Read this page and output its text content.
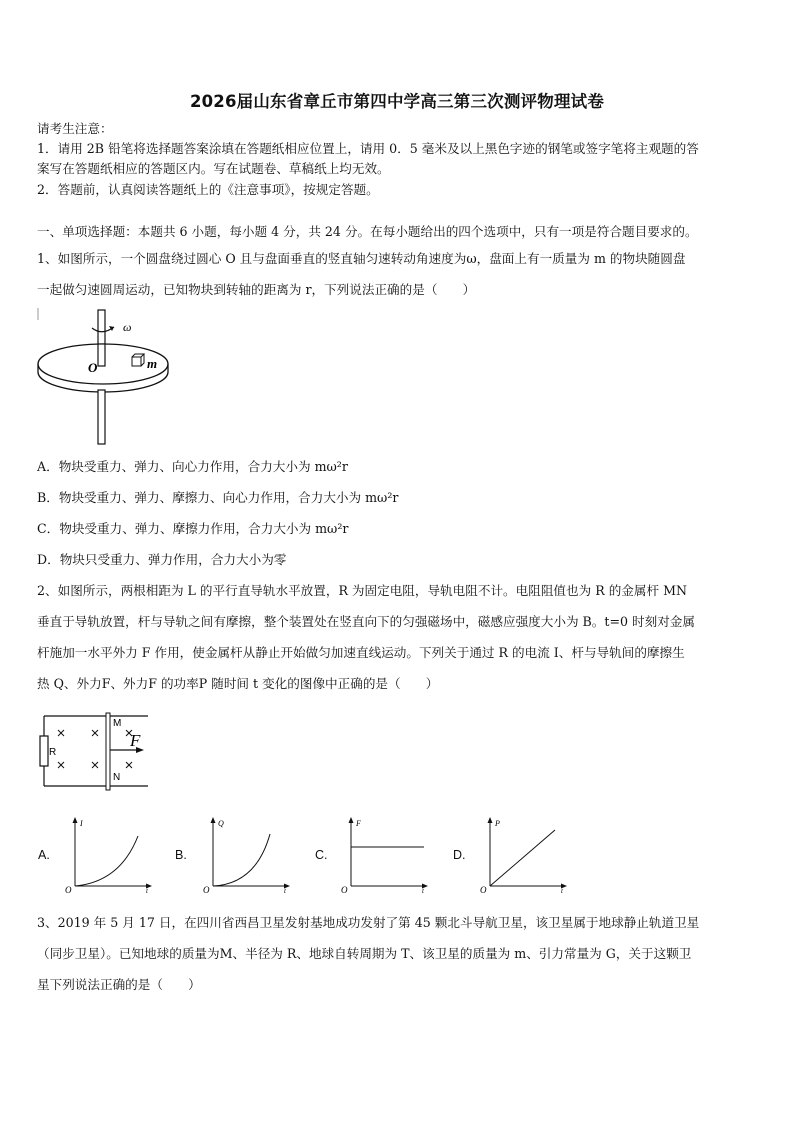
2026届山东省章丘市第四中学高三第三次测评物理试卷
请考生注意：
1．请用 2B 铅笔将选择题答案涂填在答题纸相应位置上，请用 0．5 毫米及以上黑色字迹的钢笔或签字笔将主观题的答
案写在答题纸相应的答题区内。写在试题卷、草稿纸上均无效。
2．答题前，认真阅读答题纸上的《注意事项》，按规定答题。
一、单项选择题：本题共 6 小题，每小题 4 分，共 24 分。在每小题给出的四个选项中，只有一项是符合题目要求的。
1、如图所示，一个圆盘绕过圆心 O 且与盘面垂直的竖直轴匀速转动角速度为ω，盘面上有一质量为 m 的物块随圆盘
一起做匀速圆周运动，已知物块到转轴的距离为 r，下列说法正确的是（　　）
ω
O	m
A．物块受重力、弹力、向心力作用，合力大小为 mω²r
B．物块受重力、弹力、摩擦力、向心力作用，合力大小为 mω²r
C．物块受重力、弹力、摩擦力作用，合力大小为 mω²r
D．物块只受重力、弹力作用，合力大小为零
2、如图所示，两根相距为 L 的平行直导轨水平放置，R 为固定电阻，导轨电阻不计。电阻阻值也为 R 的金属杆 MN
垂直于导轨放置，杆与导轨之间有摩擦，整个装置处在竖直向下的匀强磁场中，磁感应强度大小为 B。t=0 时刻对金属
杆施加一水平外力 F 作用，使金属杆从静止开始做匀加速直线运动。下列关于通过 R 的电流 I、杆与导轨间的摩擦生
热 Q、外力F、外力F 的功率P 随时间 t 变化的图像中正确的是（　　）
R
M
N
F
A.
I
t
O
B.
Q
t
O
C.
F
t
O
D.
P
t
O
3、2019 年 5 月 17 日，在四川省西昌卫星发射基地成功发射了第 45 颗北斗导航卫星，该卫星属于地球静止轨道卫星
（同步卫星）。已知地球的质量为M、半径为 R、地球自转周期为 T、该卫星的质量为 m、引力常量为 G，关于这颗卫
星下列说法正确的是（　　）
